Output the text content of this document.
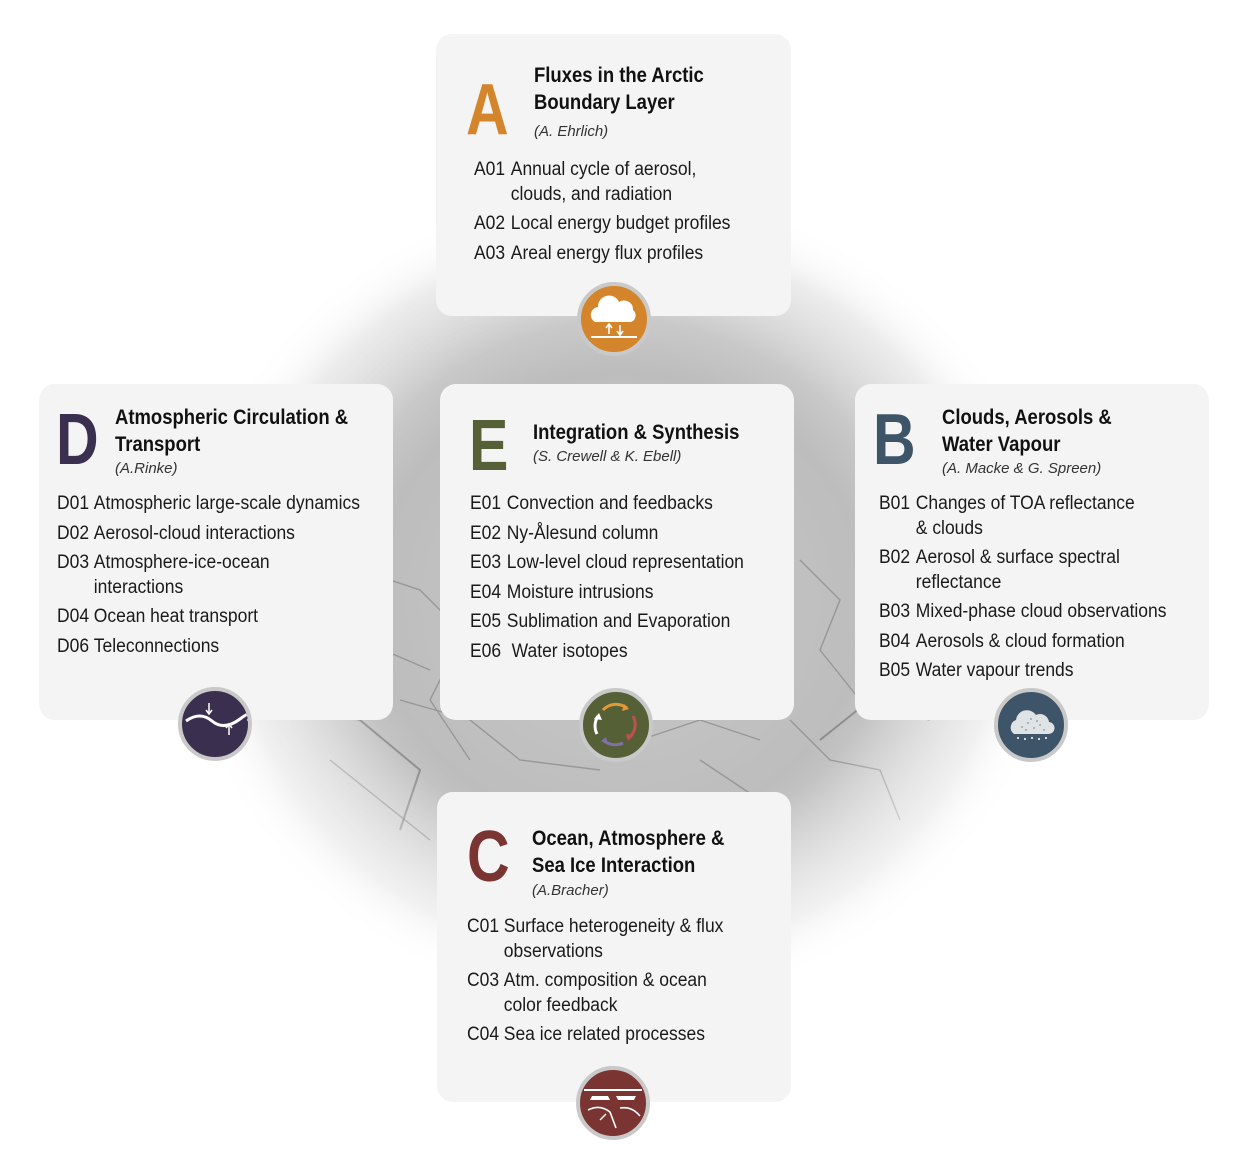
A Fluxes in the Arctic
Boundary Layer
(A. Ehrlich)
A01 Annual cycle of aerosol, clouds, and radiation
A02 Local energy budget profiles
A03 Areal energy flux profiles
D Atmospheric Circulation &
Transport
(A.Rinke)
D01 Atmospheric large-scale dynamics
D02 Aerosol-cloud interactions
D03 Atmosphere-ice-ocean interactions
D04 Ocean heat transport
D06 Teleconnections
E Integration & Synthesis
(S. Crewell & K. Ebell)
E01 Convection and feedbacks
E02 Ny-Ålesund column
E03 Low-level cloud representation
E04 Moisture intrusions
E05 Sublimation and Evaporation
E06 Water isotopes
B Clouds, Aerosols &
Water Vapour
(A. Macke & G. Spreen)
B01 Changes of TOA reflectance & clouds
B02 Aerosol & surface spectral reflectance
B03 Mixed-phase cloud observations
B04 Aerosols & cloud formation
B05 Water vapour trends
C Ocean, Atmosphere &
Sea Ice Interaction
(A.Bracher)
C01 Surface heterogeneity & flux observations
C03 Atm. composition & ocean color feedback
C04 Sea ice related processes
